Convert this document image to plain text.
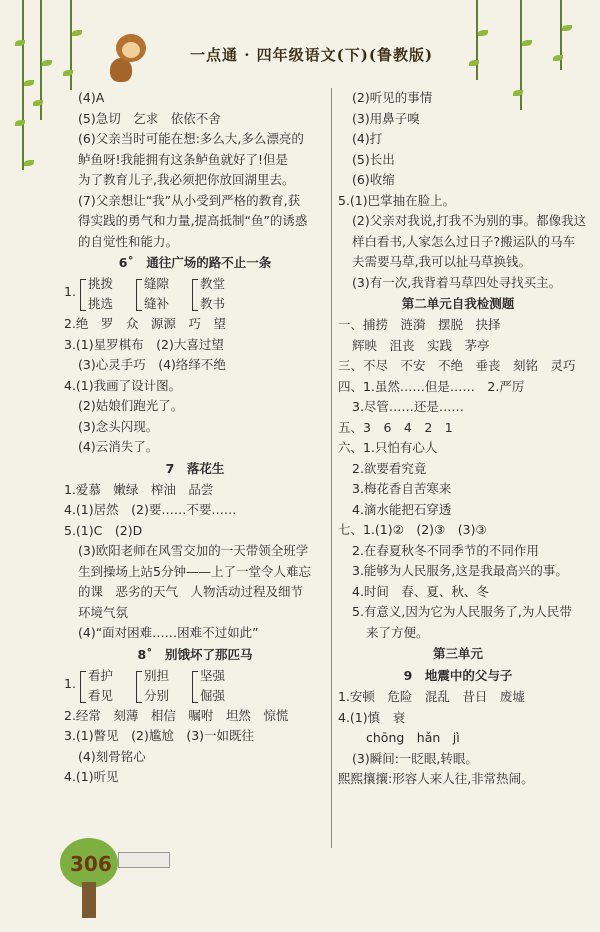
一点通 · 四年级语文(下)(鲁教版)
(4)A
(5)急切　乞求　依依不舍
(6)父亲当时可能在想:多么大,多么漂亮的
鲈鱼呀!我能拥有这条鲈鱼就好了!但是
为了教育儿子,我必须把你放回湖里去。
(7)父亲想让“我”从小受到严格的教育,获
得实践的勇气和力量,提高抵制“鱼”的诱惑
的自觉性和能力。
6˚　通往广场的路不止一条
1.
挑拨
挑选
缝隙
缝补
教堂
教书
2.绝　罗　众　源源　巧　望
3.(1)星罗棋布　(2)大喜过望
(3)心灵手巧　(4)络绎不绝
4.(1)我画了设计图。
(2)姑娘们跑光了。
(3)念头闪现。
(4)云消失了。
7　落花生
1.爱慕　嫩绿　榨油　品尝
4.(1)居然　(2)要……不要……
5.(1)C　(2)D
(3)欧阳老师在风雪交加的一天带领全班学
生到操场上站5分钟——上了一堂令人难忘
的课　恶劣的天气　人物活动过程及细节
环境气氛
(4)“面对困难……困难不过如此”
8˚　别饿坏了那匹马
1.
看护
看见
别担
分别
坚强
倔强
2.经常　刻薄　相信　嘱咐　坦然　惊慌
3.(1)瞥见　(2)尴尬　(3)一如既往
(4)刻骨铭心
4.(1)听见
(2)听见的事情
(3)用鼻子嗅
(4)打
(5)长出
(6)收缩
5.(1)巴掌抽在脸上。
(2)父亲对我说,打我不为别的事。都像我这
样白看书,人家怎么过日子?搬运队的马车
夫需要马草,我可以扯马草换钱。
(3)有一次,我背着马草四处寻找买主。
第二单元自我检测题
一、捕捞　涟漪　摆脱　抉择
辉映　沮丧　实践　茅亭
三、不尽　不安　不绝　垂丧　刻铭　灵巧
四、1.虽然……但是……　2.严厉
3.尽管……还是……
五、3　6　4　2　1
六、1.只怕有心人
2.欲要看究竟
3.梅花香自苦寒来
4.滴水能把石穿透
七、1.(1)②　(2)③　(3)③
2.在春夏秋冬不同季节的不同作用
3.能够为人民服务,这是我最高兴的事。
4.时间　春、夏、秋、冬
5.有意义,因为它为人民服务了,为人民带
来了方便。
第三单元
9　地震中的父与子
1.安顿　危险　混乱　昔日　废墟
4.(1)慎　衰
chōng　hǎn　jì
(3)瞬间:一眨眼,转眼。
熙熙攘攘:形容人来人往,非常热闹。
306
